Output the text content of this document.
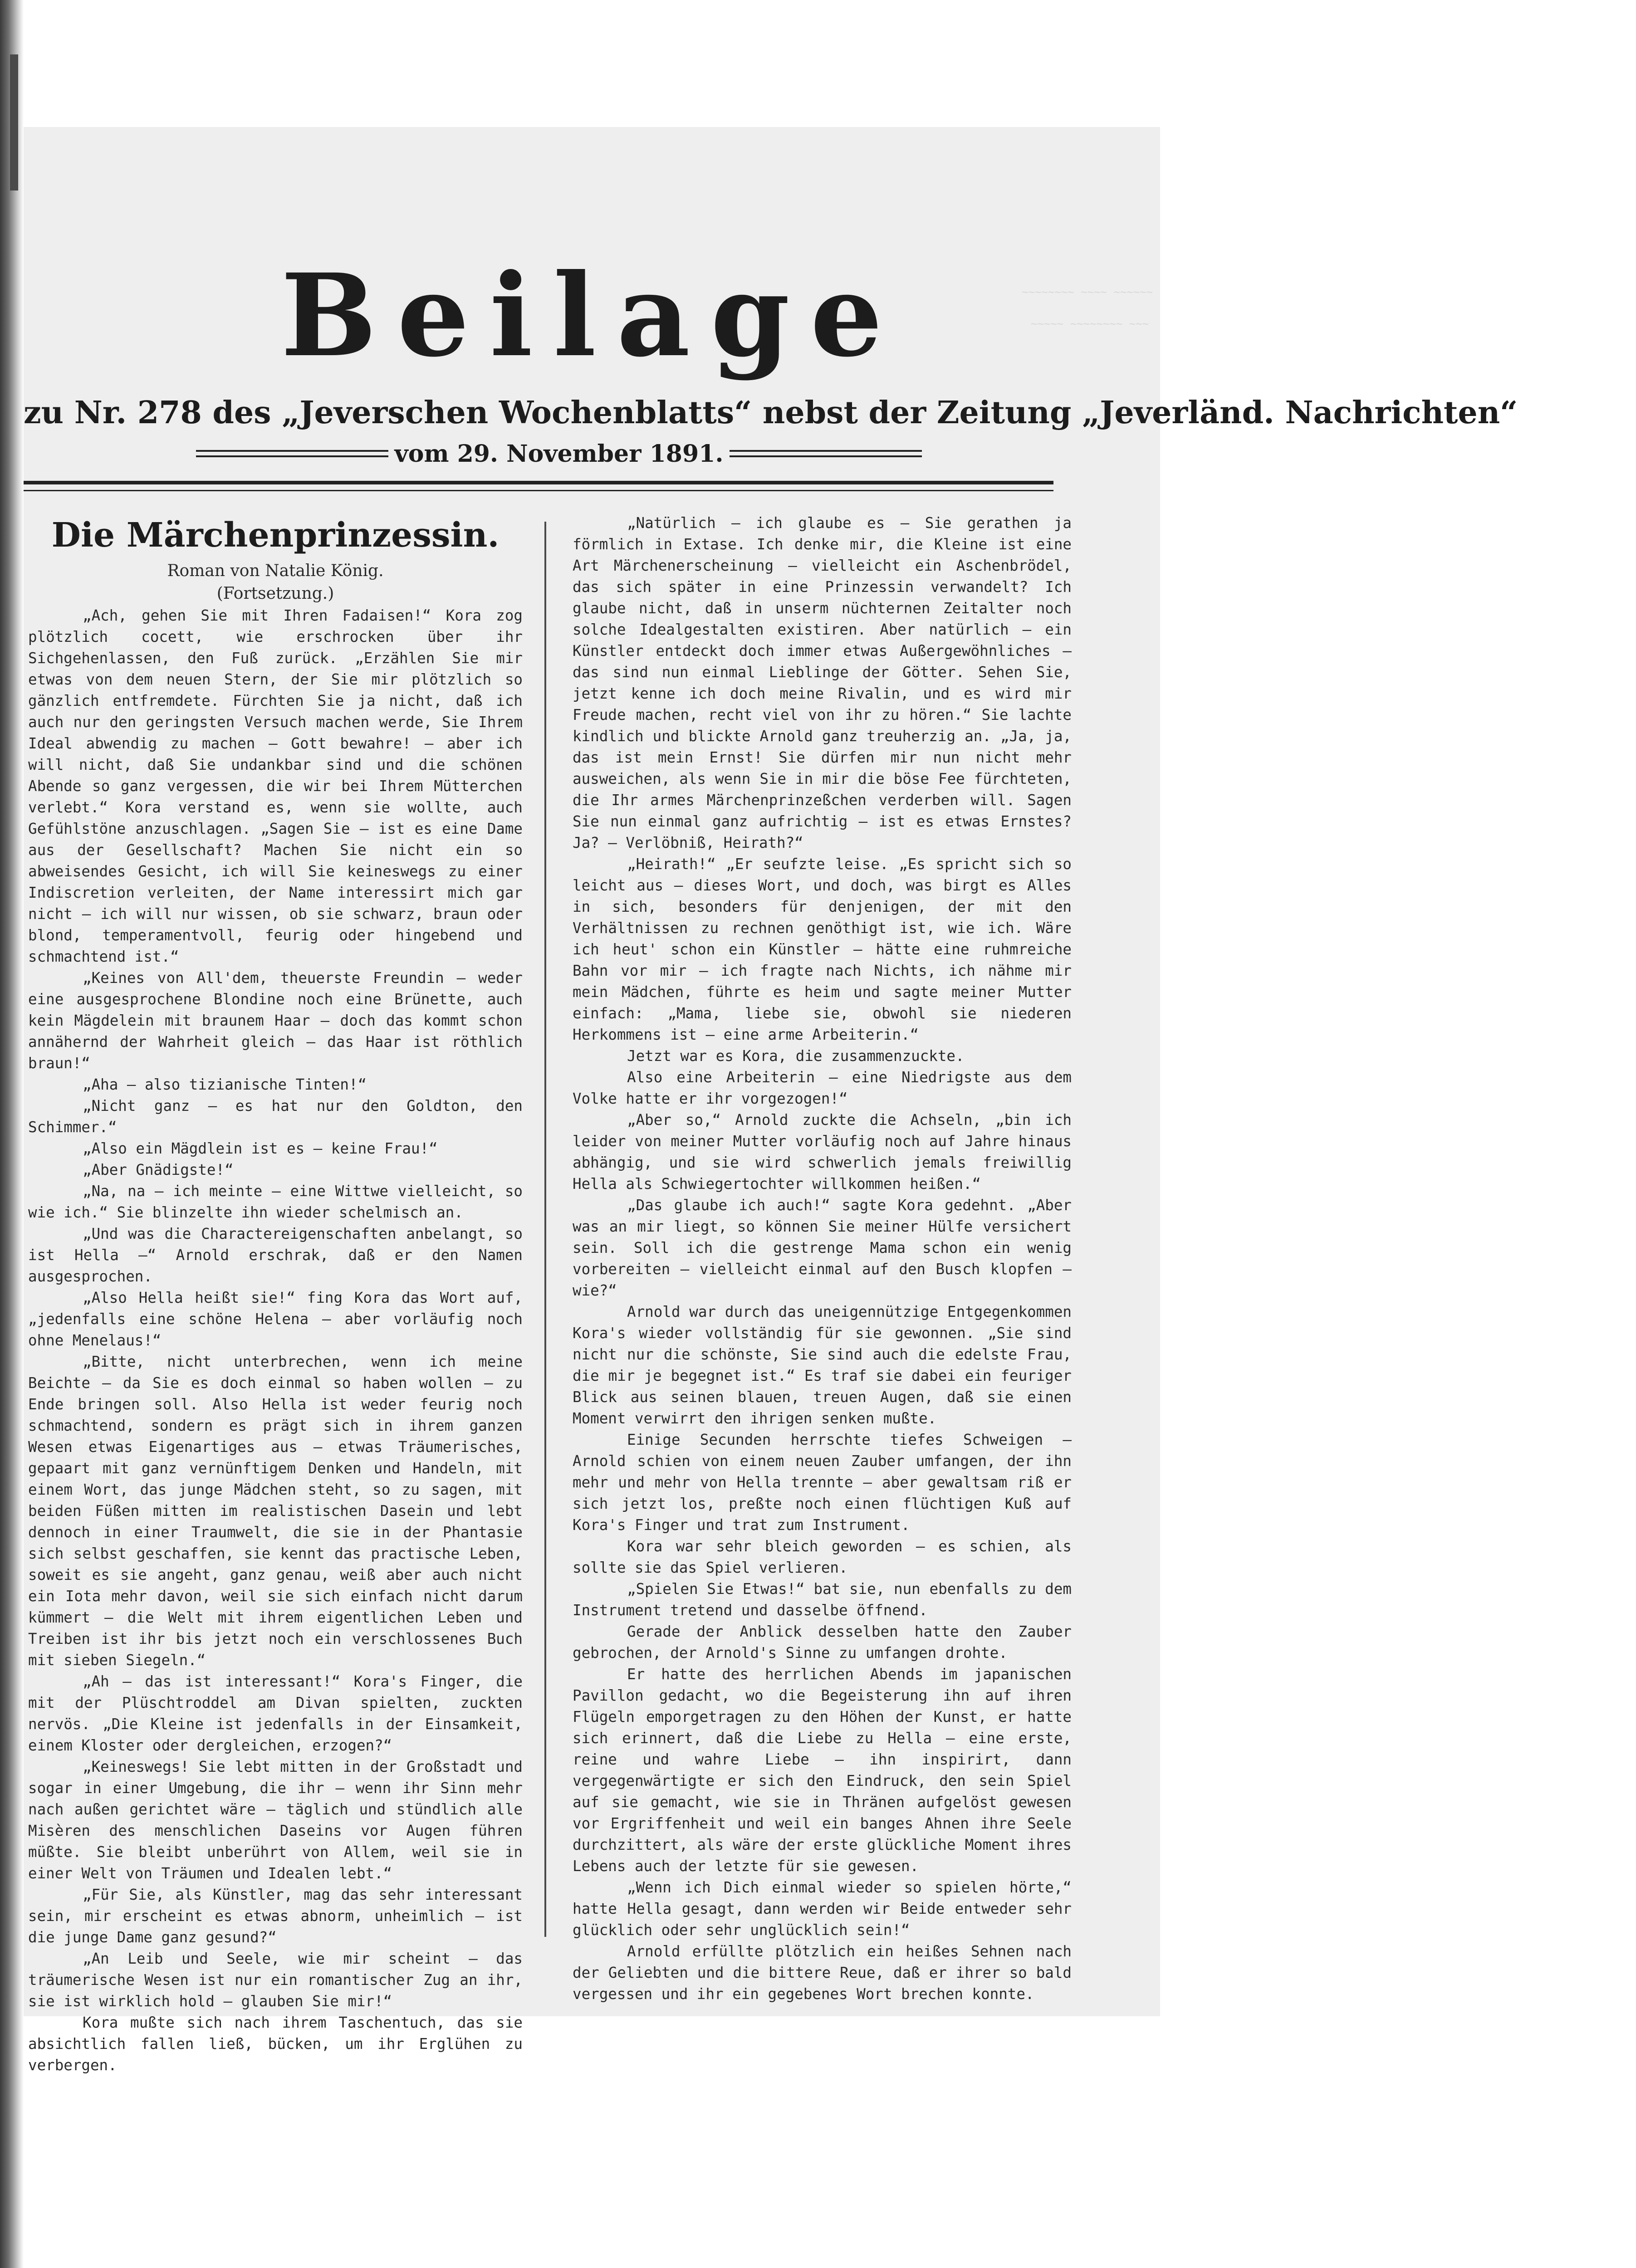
~~~~~~~~ ~~~~ ~~~~~~
~~~~~ ~~~~~~~~ ~~~
Beilage
zu Nr. 278 des „Jeverschen Wochenblatts“ nebst der Zeitung „Jeverländ. Nachrichten“
vom 29. November 1891.
Die Märchenprinzessin.

Roman von Natalie König.

(Fortsetzung.)

„Ach, gehen Sie mit Ihren Fadaisen!“ Kora zog plötzlich cocett, wie erschrocken über ihr Sichgehenlassen, den Fuß zurück. „Erzählen Sie mir etwas von dem neuen Stern, der Sie mir plötzlich so gänzlich entfremdete. Fürchten Sie ja nicht, daß ich auch nur den geringsten Versuch machen werde, Sie Ihrem Ideal abwendig zu machen — Gott bewahre! — aber ich will nicht, daß Sie undankbar sind und die schönen Abende so ganz vergessen, die wir bei Ihrem Mütterchen verlebt.“ Kora verstand es, wenn sie wollte, auch Gefühlstöne anzuschlagen. „Sagen Sie — ist es eine Dame aus der Gesellschaft? Machen Sie nicht ein so abweisendes Gesicht, ich will Sie keineswegs zu einer Indiscretion verleiten, der Name interessirt mich gar nicht — ich will nur wissen, ob sie schwarz, braun oder blond, temperamentvoll, feurig oder hingebend und schmachtend ist.“

„Keines von All'dem, theuerste Freundin — weder eine ausgesprochene Blondine noch eine Brünette, auch kein Mägdelein mit braunem Haar — doch das kommt schon annähernd der Wahrheit gleich — das Haar ist röthlich braun!“

„Aha — also tizianische Tinten!“

„Nicht ganz — es hat nur den Goldton, den Schimmer.“

„Also ein Mägdlein ist es — keine Frau!“

„Aber Gnädigste!“

„Na, na — ich meinte — eine Wittwe vielleicht, so wie ich.“ Sie blinzelte ihn wieder schelmisch an.

„Und was die Charactereigenschaften anbelangt, so ist Hella —“ Arnold erschrak, daß er den Namen ausgesprochen.

„Also Hella heißt sie!“ fing Kora das Wort auf, „jedenfalls eine schöne Helena — aber vorläufig noch ohne Menelaus!“

„Bitte, nicht unterbrechen, wenn ich meine Beichte — da Sie es doch einmal so haben wollen — zu Ende bringen soll. Also Hella ist weder feurig noch schmachtend, sondern es prägt sich in ihrem ganzen Wesen etwas Eigenartiges aus — etwas Träumerisches, gepaart mit ganz vernünftigem Denken und Handeln, mit einem Wort, das junge Mädchen steht, so zu sagen, mit beiden Füßen mitten im realistischen Dasein und lebt dennoch in einer Traumwelt, die sie in der Phantasie sich selbst geschaffen, sie kennt das practische Leben, soweit es sie angeht, ganz genau, weiß aber auch nicht ein Iota mehr davon, weil sie sich einfach nicht darum kümmert — die Welt mit ihrem eigentlichen Leben und Treiben ist ihr bis jetzt noch ein verschlossenes Buch mit sieben Siegeln.“

„Ah — das ist interessant!“ Kora's Finger, die mit der Plüschtroddel am Divan spielten, zuckten nervös. „Die Kleine ist jedenfalls in der Einsamkeit, einem Kloster oder dergleichen, erzogen?“

„Keineswegs! Sie lebt mitten in der Großstadt und sogar in einer Umgebung, die ihr — wenn ihr Sinn mehr nach außen gerichtet wäre — täglich und stündlich alle Misèren des menschlichen Daseins vor Augen führen müßte. Sie bleibt unberührt von Allem, weil sie in einer Welt von Träumen und Idealen lebt.“

„Für Sie, als Künstler, mag das sehr interessant sein, mir erscheint es etwas abnorm, unheimlich — ist die junge Dame ganz gesund?“

„An Leib und Seele, wie mir scheint — das träumerische Wesen ist nur ein romantischer Zug an ihr, sie ist wirklich hold — glauben Sie mir!“

Kora mußte sich nach ihrem Taschentuch, das sie absichtlich fallen ließ, bücken, um ihr Erglühen zu verbergen.

„Natürlich — ich glaube es — Sie gerathen ja förmlich in Extase. Ich denke mir, die Kleine ist eine Art Märchenerscheinung — vielleicht ein Aschenbrödel, das sich später in eine Prinzessin verwandelt? Ich glaube nicht, daß in unserm nüchternen Zeitalter noch solche Idealgestalten existiren. Aber natürlich — ein Künstler entdeckt doch immer etwas Außergewöhnliches — das sind nun einmal Lieblinge der Götter. Sehen Sie, jetzt kenne ich doch meine Rivalin, und es wird mir Freude machen, recht viel von ihr zu hören.“ Sie lachte kindlich und blickte Arnold ganz treuherzig an. „Ja, ja, das ist mein Ernst! Sie dürfen mir nun nicht mehr ausweichen, als wenn Sie in mir die böse Fee fürchteten, die Ihr armes Märchenprinzeßchen verderben will. Sagen Sie nun einmal ganz aufrichtig — ist es etwas Ernstes? Ja? — Verlöbniß, Heirath?“

„Heirath!“ „Er seufzte leise. „Es spricht sich so leicht aus — dieses Wort, und doch, was birgt es Alles in sich, besonders für denjenigen, der mit den Verhältnissen zu rechnen genöthigt ist, wie ich. Wäre ich heut' schon ein Künstler — hätte eine ruhmreiche Bahn vor mir — ich fragte nach Nichts, ich nähme mir mein Mädchen, führte es heim und sagte meiner Mutter einfach: „Mama, liebe sie, obwohl sie niederen Herkommens ist — eine arme Arbeiterin.“

Jetzt war es Kora, die zusammenzuckte.

Also eine Arbeiterin — eine Niedrigste aus dem Volke hatte er ihr vorgezogen!“

„Aber so,“ Arnold zuckte die Achseln, „bin ich leider von meiner Mutter vorläufig noch auf Jahre hinaus abhängig, und sie wird schwerlich jemals freiwillig Hella als Schwiegertochter willkommen heißen.“

„Das glaube ich auch!“ sagte Kora gedehnt. „Aber was an mir liegt, so können Sie meiner Hülfe versichert sein. Soll ich die gestrenge Mama schon ein wenig vorbereiten — vielleicht einmal auf den Busch klopfen — wie?“

Arnold war durch das uneigennützige Entgegenkommen Kora's wieder vollständig für sie gewonnen. „Sie sind nicht nur die schönste, Sie sind auch die edelste Frau, die mir je begegnet ist.“ Es traf sie dabei ein feuriger Blick aus seinen blauen, treuen Augen, daß sie einen Moment verwirrt den ihrigen senken mußte.

Einige Secunden herrschte tiefes Schweigen — Arnold schien von einem neuen Zauber umfangen, der ihn mehr und mehr von Hella trennte — aber gewaltsam riß er sich jetzt los, preßte noch einen flüchtigen Kuß auf Kora's Finger und trat zum Instrument.

Kora war sehr bleich geworden — es schien, als sollte sie das Spiel verlieren.

„Spielen Sie Etwas!“ bat sie, nun ebenfalls zu dem Instrument tretend und dasselbe öffnend.

Gerade der Anblick desselben hatte den Zauber gebrochen, der Arnold's Sinne zu umfangen drohte.

Er hatte des herrlichen Abends im japanischen Pavillon gedacht, wo die Begeisterung ihn auf ihren Flügeln emporgetragen zu den Höhen der Kunst, er hatte sich erinnert, daß die Liebe zu Hella — eine erste, reine und wahre Liebe — ihn inspirirt, dann vergegenwärtigte er sich den Eindruck, den sein Spiel auf sie gemacht, wie sie in Thränen aufgelöst gewesen vor Ergriffenheit und weil ein banges Ahnen ihre Seele durchzittert, als wäre der erste glückliche Moment ihres Lebens auch der letzte für sie gewesen.

„Wenn ich Dich einmal wieder so spielen hörte,“ hatte Hella gesagt, dann werden wir Beide entweder sehr glücklich oder sehr unglücklich sein!“

Arnold erfüllte plötzlich ein heißes Sehnen nach der Geliebten und die bittere Reue, daß er ihrer so bald vergessen und ihr ein gegebenes Wort brechen konnte.
